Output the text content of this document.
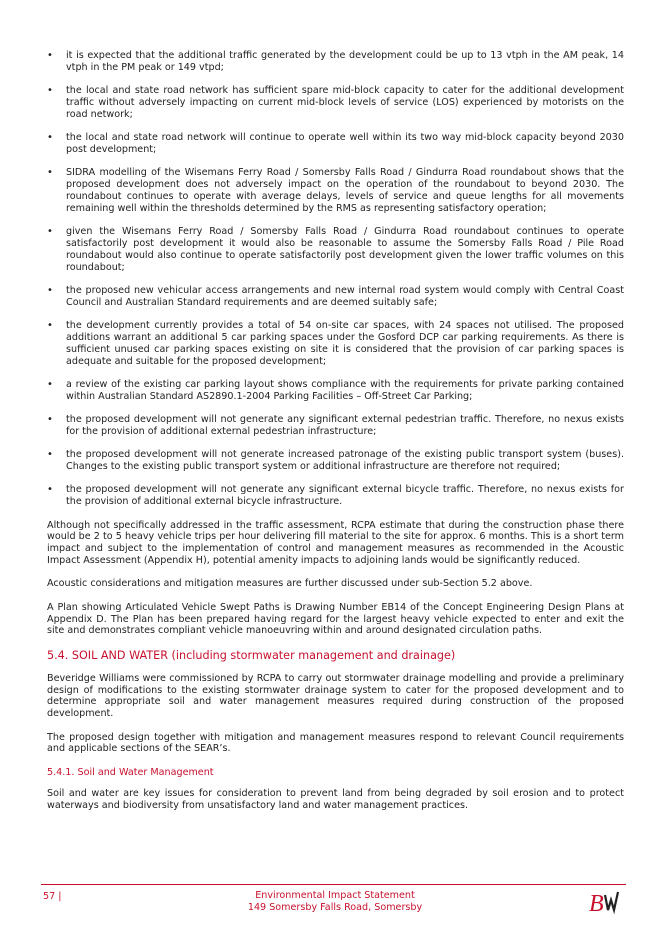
• it is expected that the additional traffic generated by the development could be up to 13 vtph in the AM peak, 14 vtph in the PM peak or 149 vtpd;
• the local and state road network has sufficient spare mid-block capacity to cater for the additional development traffic without adversely impacting on current mid-block levels of service (LOS) experienced by motorists on the road network;
• the local and state road network will continue to operate well within its two way mid-block capacity beyond 2030 post development;
• SIDRA modelling of the Wisemans Ferry Road / Somersby Falls Road / Gindurra Road roundabout shows that the proposed development does not adversely impact on the operation of the roundabout to beyond 2030. The roundabout continues to operate with average delays, levels of service and queue lengths for all movements remaining well within the thresholds determined by the RMS as representing satisfactory operation;
• given the Wisemans Ferry Road / Somersby Falls Road / Gindurra Road roundabout continues to operate satisfactorily post development it would also be reasonable to assume the Somersby Falls Road / Pile Road roundabout would also continue to operate satisfactorily post development given the lower traffic volumes on this roundabout;
• the proposed new vehicular access arrangements and new internal road system would comply with Central Coast Council and Australian Standard requirements and are deemed suitably safe;
• the development currently provides a total of 54 on-site car spaces, with 24 spaces not utilised. The proposed additions warrant an additional 5 car parking spaces under the Gosford DCP car parking requirements. As there is sufficient unused car parking spaces existing on site it is considered that the provision of car parking spaces is adequate and suitable for the proposed development;
• a review of the existing car parking layout shows compliance with the requirements for private parking contained within Australian Standard AS2890.1-2004 Parking Facilities – Off-Street Car Parking;
• the proposed development will not generate any significant external pedestrian traffic. Therefore, no nexus exists for the provision of additional external pedestrian infrastructure;
• the proposed development will not generate increased patronage of the existing public transport system (buses). Changes to the existing public transport system or additional infrastructure are therefore not required;
• the proposed development will not generate any significant external bicycle traffic. Therefore, no nexus exists for the provision of additional external bicycle infrastructure.

Although not specifically addressed in the traffic assessment, RCPA estimate that during the construction phase there would be 2 to 5 heavy vehicle trips per hour delivering fill material to the site for approx. 6 months. This is a short term impact and subject to the implementation of control and management measures as recommended in the Acoustic Impact Assessment (Appendix H), potential amenity impacts to adjoining lands would be significantly reduced.

Acoustic considerations and mitigation measures are further discussed under sub-Section 5.2 above.

A Plan showing Articulated Vehicle Swept Paths is Drawing Number EB14 of the Concept Engineering Design Plans at Appendix D. The Plan has been prepared having regard for the largest heavy vehicle expected to enter and exit the site and demonstrates compliant vehicle manoeuvring within and around designated circulation paths.

5.4. SOIL AND WATER (including stormwater management and drainage)

Beveridge Williams were commissioned by RCPA to carry out stormwater drainage modelling and provide a preliminary design of modifications to the existing stormwater drainage system to cater for the proposed development and to determine appropriate soil and water management measures required during construction of the proposed development.

The proposed design together with mitigation and management measures respond to relevant Council requirements and applicable sections of the SEAR’s.

5.4.1. Soil and Water Management

Soil and water are key issues for consideration to prevent land from being degraded by soil erosion and to protect waterways and biodiversity from unsatisfactory land and water management practices.

57 |	Environmental Impact Statement
149 Somersby Falls Road, Somersby	B
